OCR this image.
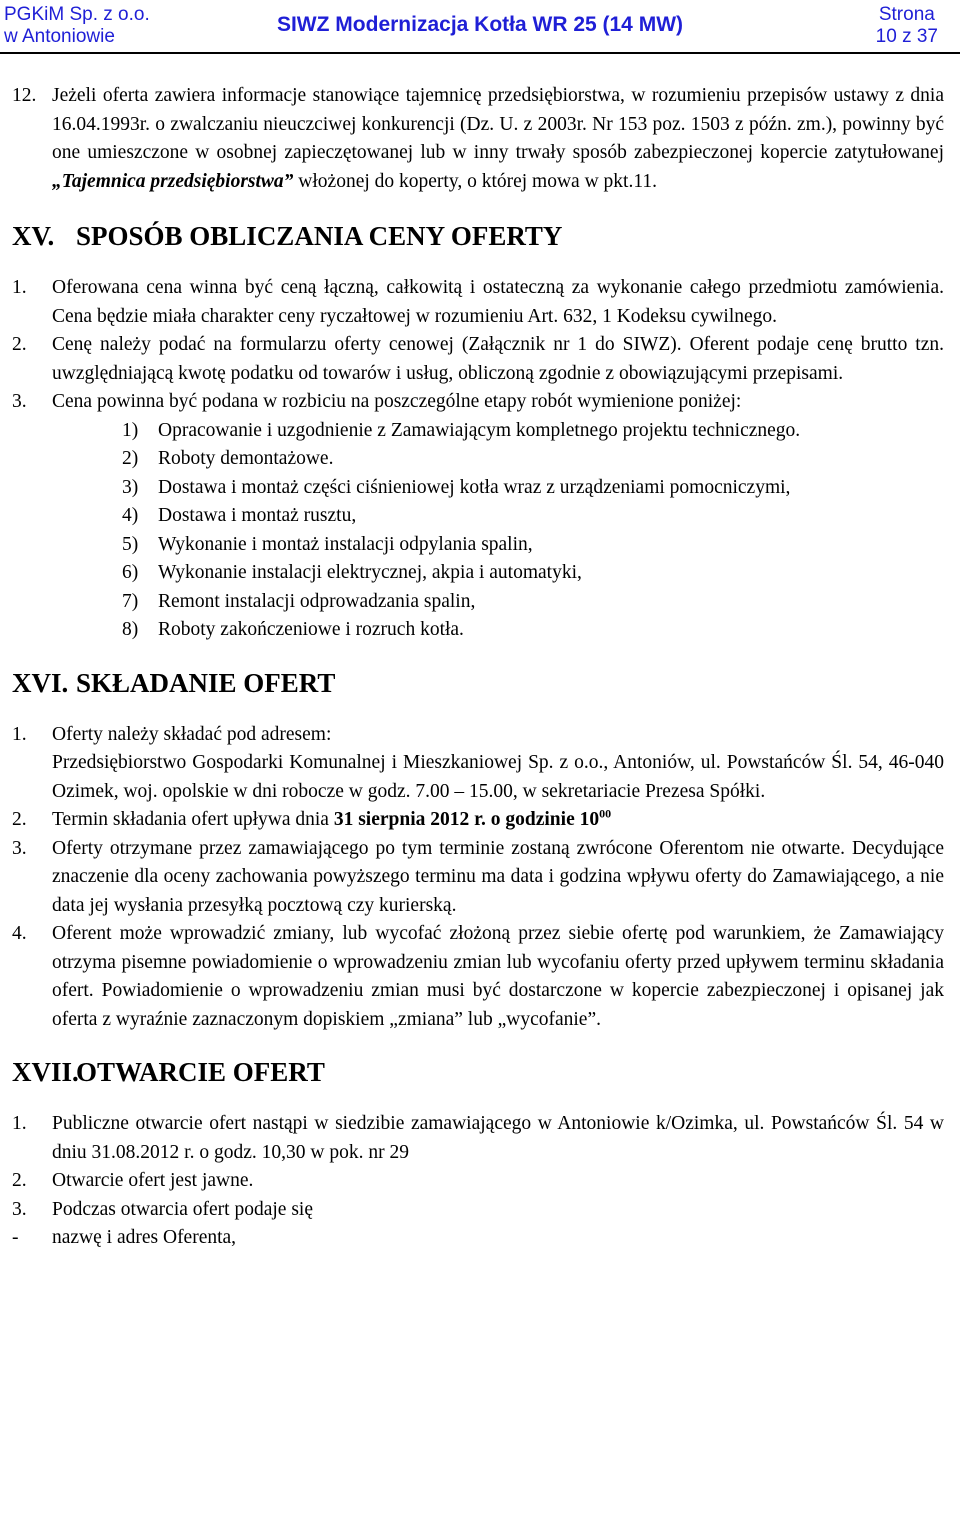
PGKiM Sp. z o.o.
w Antoniowie
SIWZ Modernizacja Kotła WR 25 (14 MW)	Strona
10 z 37
12. Jeżeli oferta zawiera informacje stanowiące tajemnicę przedsiębiorstwa, w rozumieniu przepisów ustawy z dnia 16.04.1993r. o zwalczaniu nieuczciwej konkurencji (Dz. U. z 2003r. Nr 153 poz. 1503 z późn. zm.), powinny być one umieszczone w osobnej zapieczętowanej lub w inny trwały sposób zabezpieczonej kopercie zatytułowanej „Tajemnica przedsiębiorstwa” włożonej do koperty, o której mowa w pkt.11.
XV. SPOSÓB OBLICZANIA CENY OFERTY
1. Oferowana cena winna być ceną łączną, całkowitą i ostateczną za wykonanie całego przedmiotu zamówienia. Cena będzie miała charakter ceny ryczałtowej w rozumieniu Art. 632, 1 Kodeksu cywilnego.
2. Cenę należy podać na formularzu oferty cenowej (Załącznik nr 1 do SIWZ). Oferent podaje cenę brutto tzn. uwzględniającą kwotę podatku od towarów i usług, obliczoną zgodnie z obowiązującymi przepisami.
3. Cena powinna być podana w rozbiciu na poszczególne etapy robót wymienione poniżej:
1) Opracowanie i uzgodnienie z Zamawiającym kompletnego projektu technicznego.
2) Roboty demontażowe.
3) Dostawa i montaż części ciśnieniowej kotła wraz z urządzeniami pomocniczymi,
4) Dostawa i montaż rusztu,
5) Wykonanie i montaż instalacji odpylania spalin,
6) Wykonanie instalacji elektrycznej, akpia i automatyki,
7) Remont instalacji odprowadzania spalin,
8) Roboty zakończeniowe i rozruch kotła.
XVI. SKŁADANIE OFERT
1. Oferty należy składać pod adresem:
Przedsiębiorstwo Gospodarki Komunalnej i Mieszkaniowej Sp. z o.o., Antoniów, ul. Powstańców Śl. 54, 46-040 Ozimek, woj. opolskie w dni robocze w godz. 7.00 – 15.00, w sekretariacie Prezesa Spółki.
2. Termin składania ofert upływa dnia 31 sierpnia 2012 r. o godzinie $10^{00}$
3. Oferty otrzymane przez zamawiającego po tym terminie zostaną zwrócone Oferentom nie otwarte. Decydujące znaczenie dla oceny zachowania powyższego terminu ma data i godzina wpływu oferty do Zamawiającego, a nie data jej wysłania przesyłką pocztową czy kurierską.
4. Oferent może wprowadzić zmiany, lub wycofać złożoną przez siebie ofertę pod warunkiem, że Zamawiający otrzyma pisemne powiadomienie o wprowadzeniu zmian lub wycofaniu oferty przed upływem terminu składania ofert. Powiadomienie o wprowadzeniu zmian musi być dostarczone w kopercie zabezpieczonej i opisanej jak oferta z wyraźnie zaznaczonym dopiskiem „zmiana” lub „wycofanie”.
XVII.OTWARCIE OFERT
1. Publiczne otwarcie ofert nastąpi w siedzibie zamawiającego w Antoniowie k/Ozimka, ul. Powstańców Śl. 54 w dniu 31.08.2012 r. o godz. 10,30 w pok. nr 29
2. Otwarcie ofert jest jawne.
3. Podczas otwarcia ofert podaje się
- nazwę i adres Oferenta,
